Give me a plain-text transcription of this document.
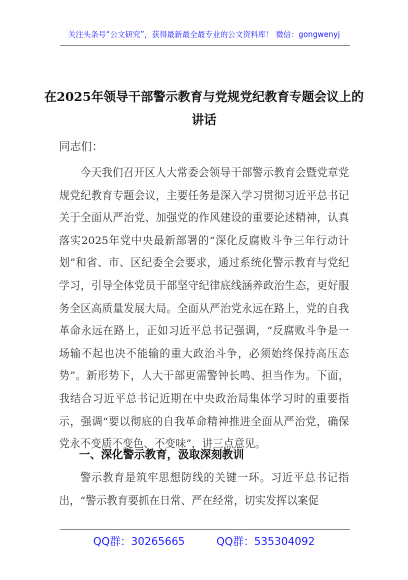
关注头条号“公文研究”，获得最新最全最专业的公文资料库！ 微信：gongwenyj
在2025年领导干部警示教育与党规党纪教育专题会议上的
讲话
同志们：

今天我们召开区人大常委会领导干部警示教育会暨党章党规党纪教育专题会议，主要任务是深入学习贯彻习近平总书记关于全面从严治党、加强党的作风建设的重要论述精神，认真落实2025年党中央最新部署的“深化反腐败斗争三年行动计划”和省、市、区纪委全会要求，通过系统化警示教育与党纪学习，引导全体党员干部坚守纪律底线涵养政治生态，更好服务全区高质量发展大局。全面从严治党永远在路上，党的自我革命永远在路上，正如习近平总书记强调，“反腐败斗争是一场输不起也决不能输的重大政治斗争，必须始终保持高压态势”。新形势下，人大干部更需警钟长鸣、担当作为。下面，我结合习近平总书记近期在中央政治局集体学习时的重要指示，强调“要以彻底的自我革命精神推进全面从严治党，确保党永不变质不变色、不变味”，讲三点意见。

一、深化警示教育，汲取深刻教训

警示教育是筑牢思想防线的关键一环。习近平总书记指出，“警示教育要抓在日常、严在经常，切实发挥以案促

QQ群：30265665	QQ群：535304092
